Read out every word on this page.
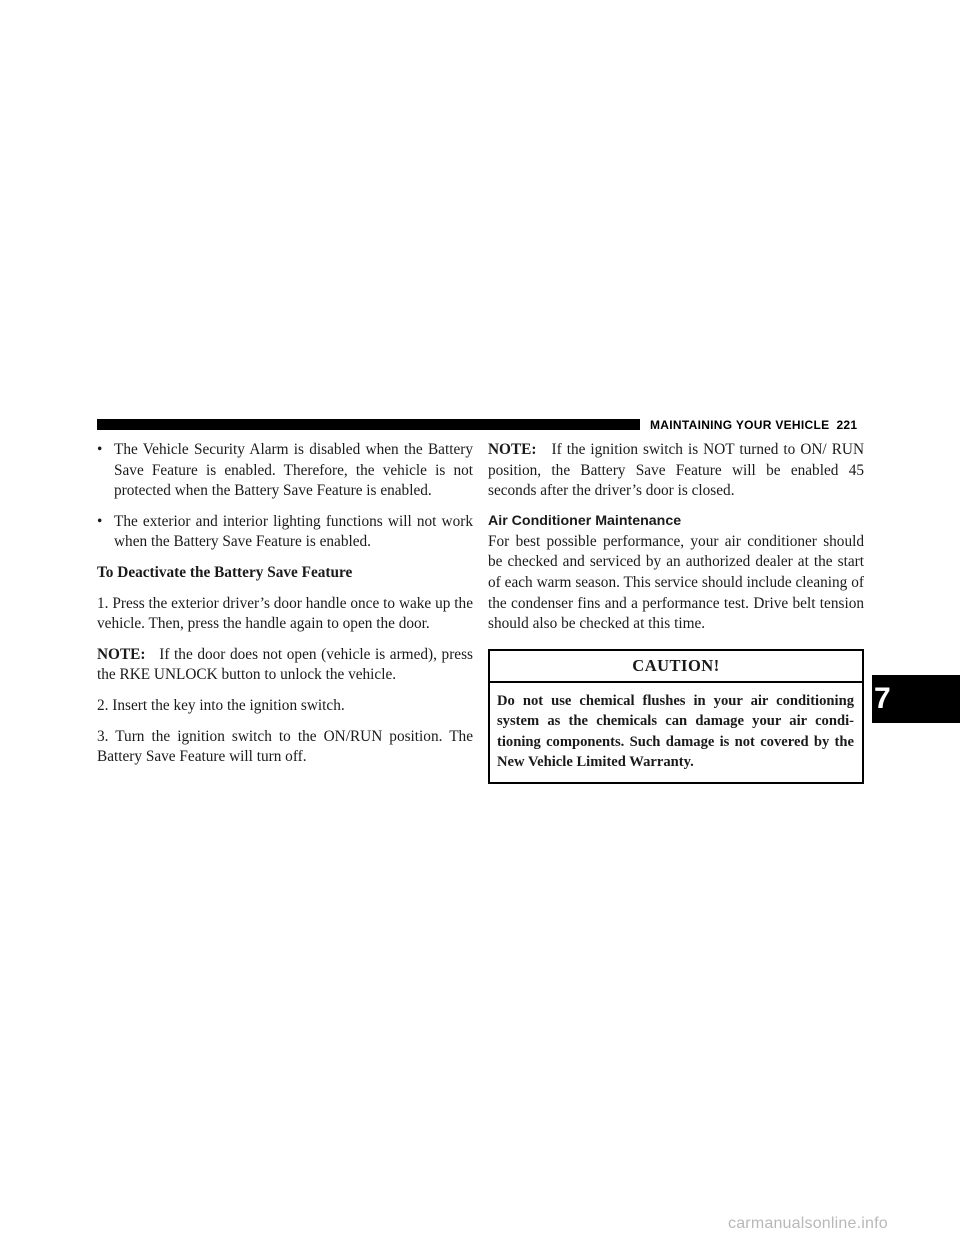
MAINTAINING YOUR VEHICLE 221
• The Vehicle Security Alarm is disabled when the Battery Save Feature is enabled. Therefore, the vehicle is not protected when the Battery Save Feature is enabled.
• The exterior and interior lighting functions will not work when the Battery Save Feature is enabled.

To Deactivate the Battery Save Feature

1. Press the exterior driver’s door handle once to wake up the vehicle. Then, press the handle again to open the door.

NOTE: If the door does not open (vehicle is armed), press the RKE UNLOCK button to unlock the vehicle.

2. Insert the key into the ignition switch.

3. Turn the ignition switch to the ON/RUN position. The Battery Save Feature will turn off.

NOTE: If the ignition switch is NOT turned to ON/ RUN position, the Battery Save Feature will be enabled 45 seconds after the driver’s door is closed.

Air Conditioner Maintenance

For best possible performance, your air conditioner should be checked and serviced by an authorized dealer at the start of each warm season. This service should include cleaning of the condenser fins and a performance test. Drive belt tension should also be checked at this time.

CAUTION!
Do not use chemical flushes in your air conditioning system as the chemicals can damage your air condi- tioning components. Such damage is not covered by the New Vehicle Limited Warranty.
7
carmanualsonline.info
